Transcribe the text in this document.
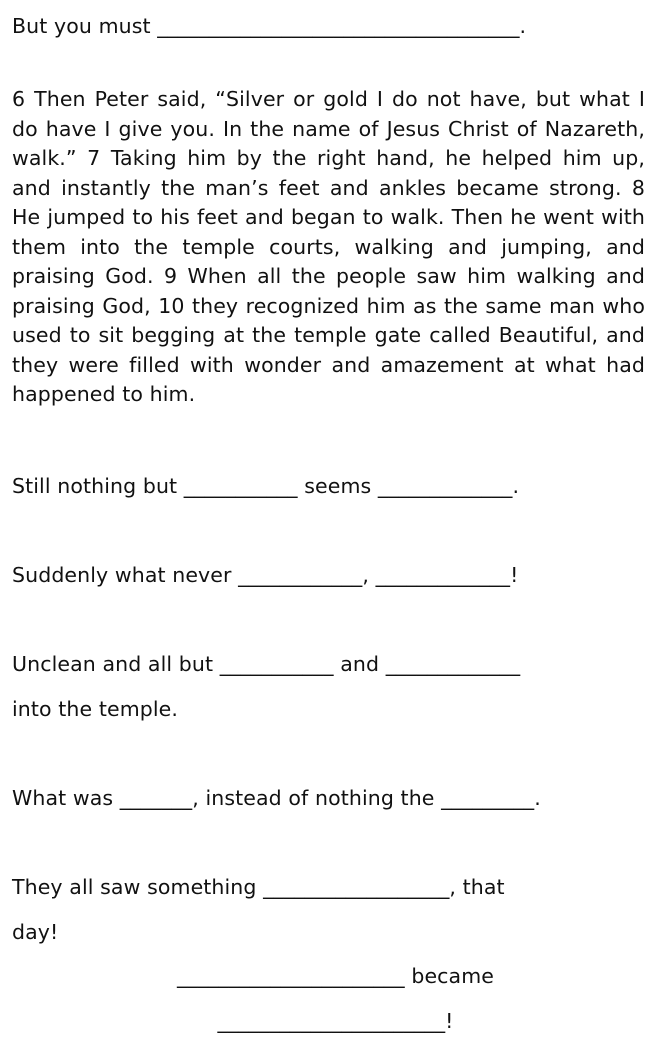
But you must ___________________________________.
6 Then Peter said, “Silver or gold I do not have, but what I do have I give you. In the name of Jesus Christ of Nazareth, walk.” 7 Taking him by the right hand, he helped him up, and instantly the man’s feet and ankles became strong. 8 He jumped to his feet and began to walk. Then he went with them into the temple courts, walking and jumping, and praising God. 9 When all the people saw him walking and praising God, 10 they recognized him as the same man who used to sit begging at the temple gate called Beautiful, and they were filled with wonder and amazement at what had happened to him.
Still nothing but ___________ seems _____________.
Suddenly what never ____________, _____________!
Unclean and all but ___________ and _____________
into the temple.
What was _______, instead of nothing the _________.
They all saw something __________________, that
day!
______________________ became
______________________!
